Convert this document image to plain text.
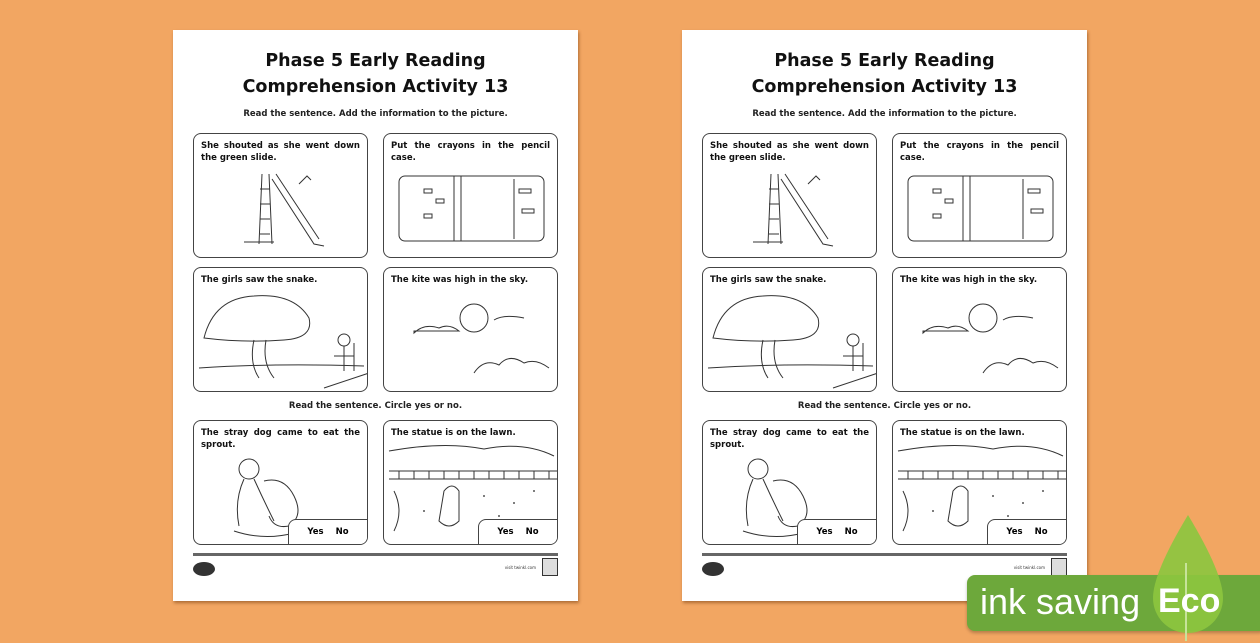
Phase 5 Early Reading
Comprehension Activity 13
Read the sentence. Add the information to the picture.
She shouted as she went down the green slide.
Put the crayons in the pencil case.
The girls saw the snake.	The kite was high in the sky.
Read the sentence. Circle yes or no.
The stray dog came to eat the sprout.
Yes No
The statue is on the lawn.
Yes No
visit twinkl.com
Phase 5 Early Reading
Comprehension Activity 13
Read the sentence. Add the information to the picture.
She shouted as she went down the green slide.
Put the crayons in the pencil case.
The girls saw the snake.	The kite was high in the sky.
Read the sentence. Circle yes or no.
The stray dog came to eat the sprout.
Yes No
The statue is on the lawn.
Yes No
visit twinkl.com
ink saving Eco
